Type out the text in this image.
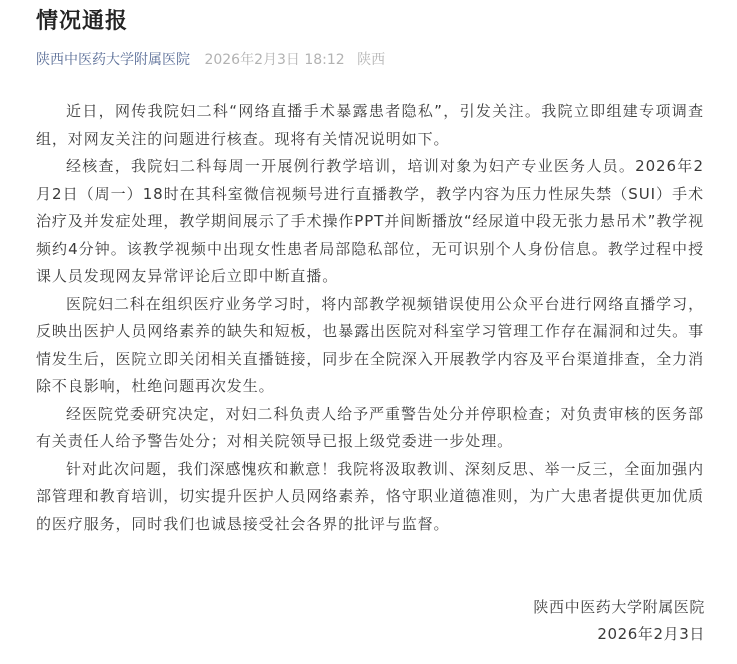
情况通报
陕西中医药大学附属医院 2026年2月3日 18:12 陕西

近日，网传我院妇二科“网络直播手术暴露患者隐私”，引发关注。我院立即组建专项调查组，对网友关注的问题进行核查。现将有关情况说明如下。

经核查，我院妇二科每周一开展例行教学培训，培训对象为妇产专业医务人员。2026年2月2日（周一）18时在其科室微信视频号进行直播教学，教学内容为压力性尿失禁（SUI）手术治疗及并发症处理，教学期间展示了手术操作PPT并间断播放“经尿道中段无张力悬吊术”教学视频约4分钟。该教学视频中出现女性患者局部隐私部位，无可识别个人身份信息。教学过程中授课人员发现网友异常评论后立即中断直播。

医院妇二科在组织医疗业务学习时，将内部教学视频错误使用公众平台进行网络直播学习，反映出医护人员网络素养的缺失和短板，也暴露出医院对科室学习管理工作存在漏洞和过失。事情发生后，医院立即关闭相关直播链接，同步在全院深入开展教学内容及平台渠道排查，全力消除不良影响，杜绝问题再次发生。

经医院党委研究决定，对妇二科负责人给予严重警告处分并停职检查；对负责审核的医务部有关责任人给予警告处分；对相关院领导已报上级党委进一步处理。

针对此次问题，我们深感愧疚和歉意！我院将汲取教训、深刻反思、举一反三，全面加强内部管理和教育培训，切实提升医护人员网络素养，恪守职业道德准则，为广大患者提供更加优质的医疗服务，同时我们也诚恳接受社会各界的批评与监督。

陕西中医药大学附属医院
2026年2月3日
